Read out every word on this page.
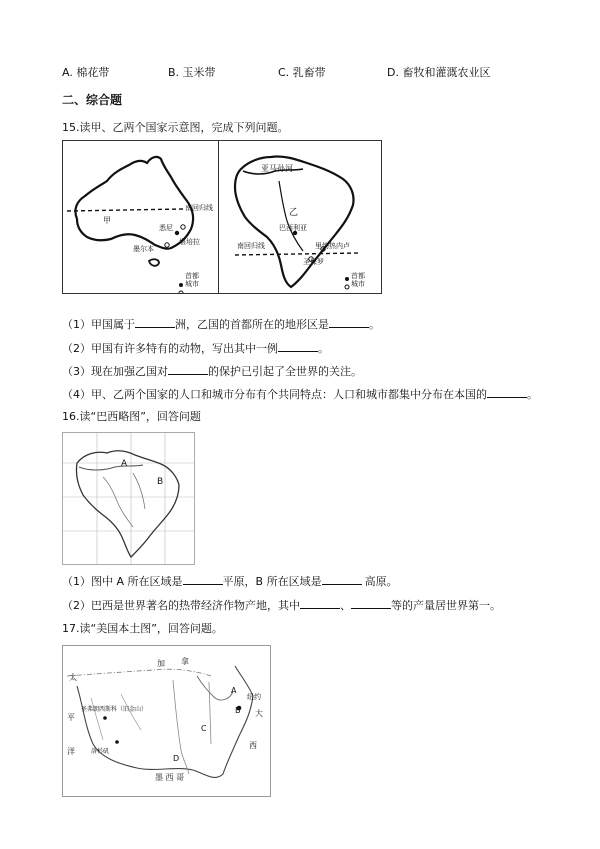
A. 棉花带	B. 玉米带	C. 乳畜带	D. 畜牧和灌溉农业区
二、综合题
15.读甲、乙两个国家示意图，完成下列问题。
甲
南回归线
悉尼
堪培拉
墨尔本
首都
城市
亚马孙河
乙
巴西利亚
南回归线	里约热内卢
圣保罗
首都
城市
（1）甲国属于	洲，乙国的首都所在的地形区是	。
（2）甲国有许多特有的动物，写出其中一例	。
（3）现在加强乙国对	的保护已引起了全世界的关注。
（4）甲、乙两个国家的人口和城市分布有个共同特点：人口和城市都集中分布在本国的	。
16.读“巴西略图”，回答问题
A
B
（1）图中 A 所在区域是	平原，B 所在区域是	高原。
（2）巴西是世界著名的热带经济作物产地，其中	、	等的产量居世界第一。
17.读“美国本土图”，回答问题。
加 拿
太
平
洋
圣弗朗西斯科（旧金山）
洛杉矶
A
B
C
D
纽约
大
西
墨 西 哥
